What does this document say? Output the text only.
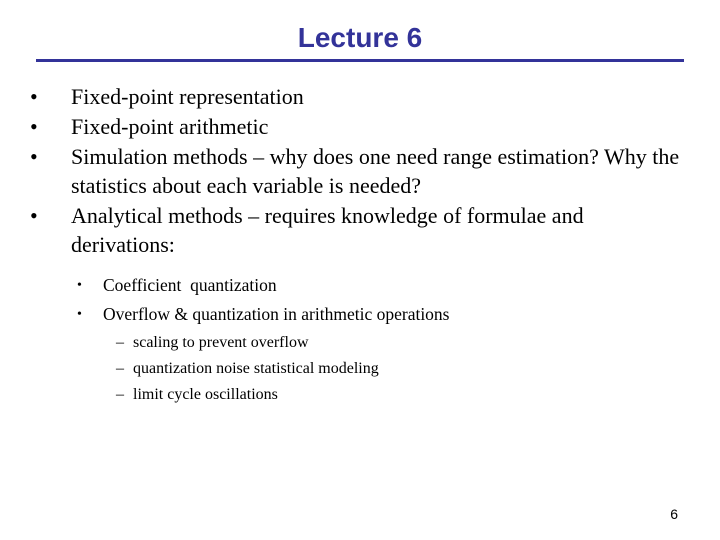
Lecture 6
•	Fixed-point representation
•	Fixed-point arithmetic
•	Simulation methods – why does one need range estimation? Why the statistics about each variable is needed?
•	Analytical methods – requires knowledge of formulae and derivations:
• Coefficient  quantization
• Overflow & quantization in arithmetic operations
– scaling to prevent overflow
– quantization noise statistical modeling
– limit cycle oscillations
6
